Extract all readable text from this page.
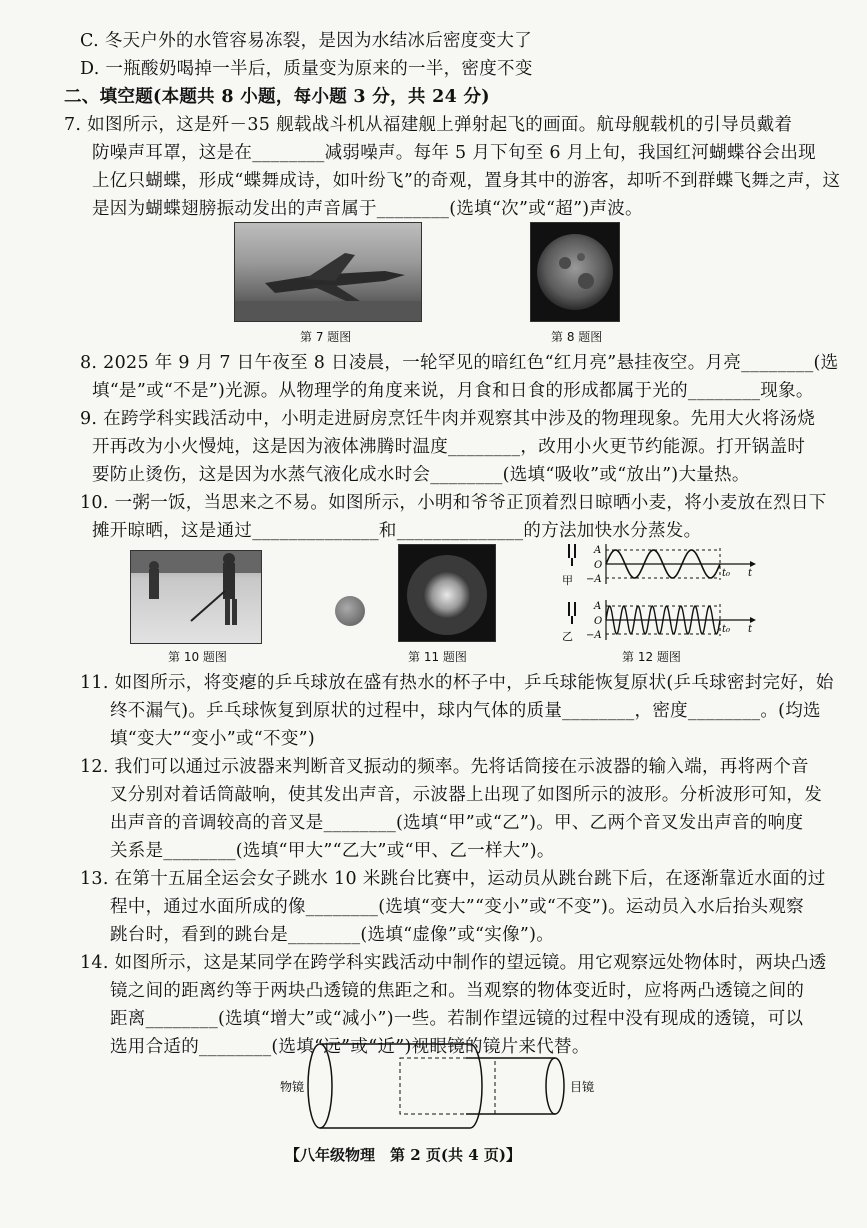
C. 冬天户外的水管容易冻裂，是因为水结冰后密度变大了
D. 一瓶酸奶喝掉一半后，质量变为原来的一半，密度不变
二、填空题(本题共 8 小题，每小题 3 分，共 24 分)
7. 如图所示，这是歼－35 舰载战斗机从福建舰上弹射起飞的画面。航母舰载机的引导员戴着
防噪声耳罩，这是在________减弱噪声。每年 5 月下旬至 6 月上旬，我国红河蝴蝶谷会出现
上亿只蝴蝶，形成“蝶舞成诗，如叶纷飞”的奇观，置身其中的游客，却听不到群蝶飞舞之声，这
是因为蝴蝶翅膀振动发出的声音属于________(选填“次”或“超”)声波。
第 7 题图	第 8 题图
8. 2025 年 9 月 7 日午夜至 8 日凌晨，一轮罕见的暗红色“红月亮”悬挂夜空。月亮________(选
填“是”或“不是”)光源。从物理学的角度来说，月食和日食的形成都属于光的________现象。
9. 在跨学科实践活动中，小明走进厨房烹饪牛肉并观察其中涉及的物理现象。先用大火将汤烧
开再改为小火慢炖，这是因为液体沸腾时温度________，改用小火更节约能源。打开锅盖时
要防止烫伤，这是因为水蒸气液化成水时会________(选填“吸收”或“放出”)大量热。
10. 一粥一饭，当思来之不易。如图所示，小明和爷爷正顶着烈日晾晒小麦，将小麦放在烈日下
摊开晾晒，这是通过______________和______________的方法加快水分蒸发。
第 10 题图	第 11 题图
甲
乙
A
O
−A
t₀ t
A
O
−A
t₀ t
第 12 题图
11. 如图所示，将变瘪的乒乓球放在盛有热水的杯子中，乒乓球能恢复原状(乒乓球密封完好，始
终不漏气)。乒乓球恢复到原状的过程中，球内气体的质量________，密度________。(均选
填“变大”“变小”或“不变”)
12. 我们可以通过示波器来判断音叉振动的频率。先将话筒接在示波器的输入端，再将两个音
叉分别对着话筒敲响，使其发出声音，示波器上出现了如图所示的波形。分析波形可知，发
出声音的音调较高的音叉是________(选填“甲”或“乙”)。甲、乙两个音叉发出声音的响度
关系是________(选填“甲大”“乙大”或“甲、乙一样大”)。
13. 在第十五届全运会女子跳水 10 米跳台比赛中，运动员从跳台跳下后，在逐渐靠近水面的过
程中，通过水面所成的像________(选填“变大”“变小”或“不变”)。运动员入水后抬头观察
跳台时，看到的跳台是________(选填“虚像”或“实像”)。
14. 如图所示，这是某同学在跨学科实践活动中制作的望远镜。用它观察远处物体时，两块凸透
镜之间的距离约等于两块凸透镜的焦距之和。当观察的物体变近时，应将两凸透镜之间的
距离________(选填“增大”或“减小”)一些。若制作望远镜的过程中没有现成的透镜，可以
选用合适的________(选填“远”或“近”)视眼镜的镜片来代替。
物镜	目镜
【八年级物理　第 2 页(共 4 页)】
